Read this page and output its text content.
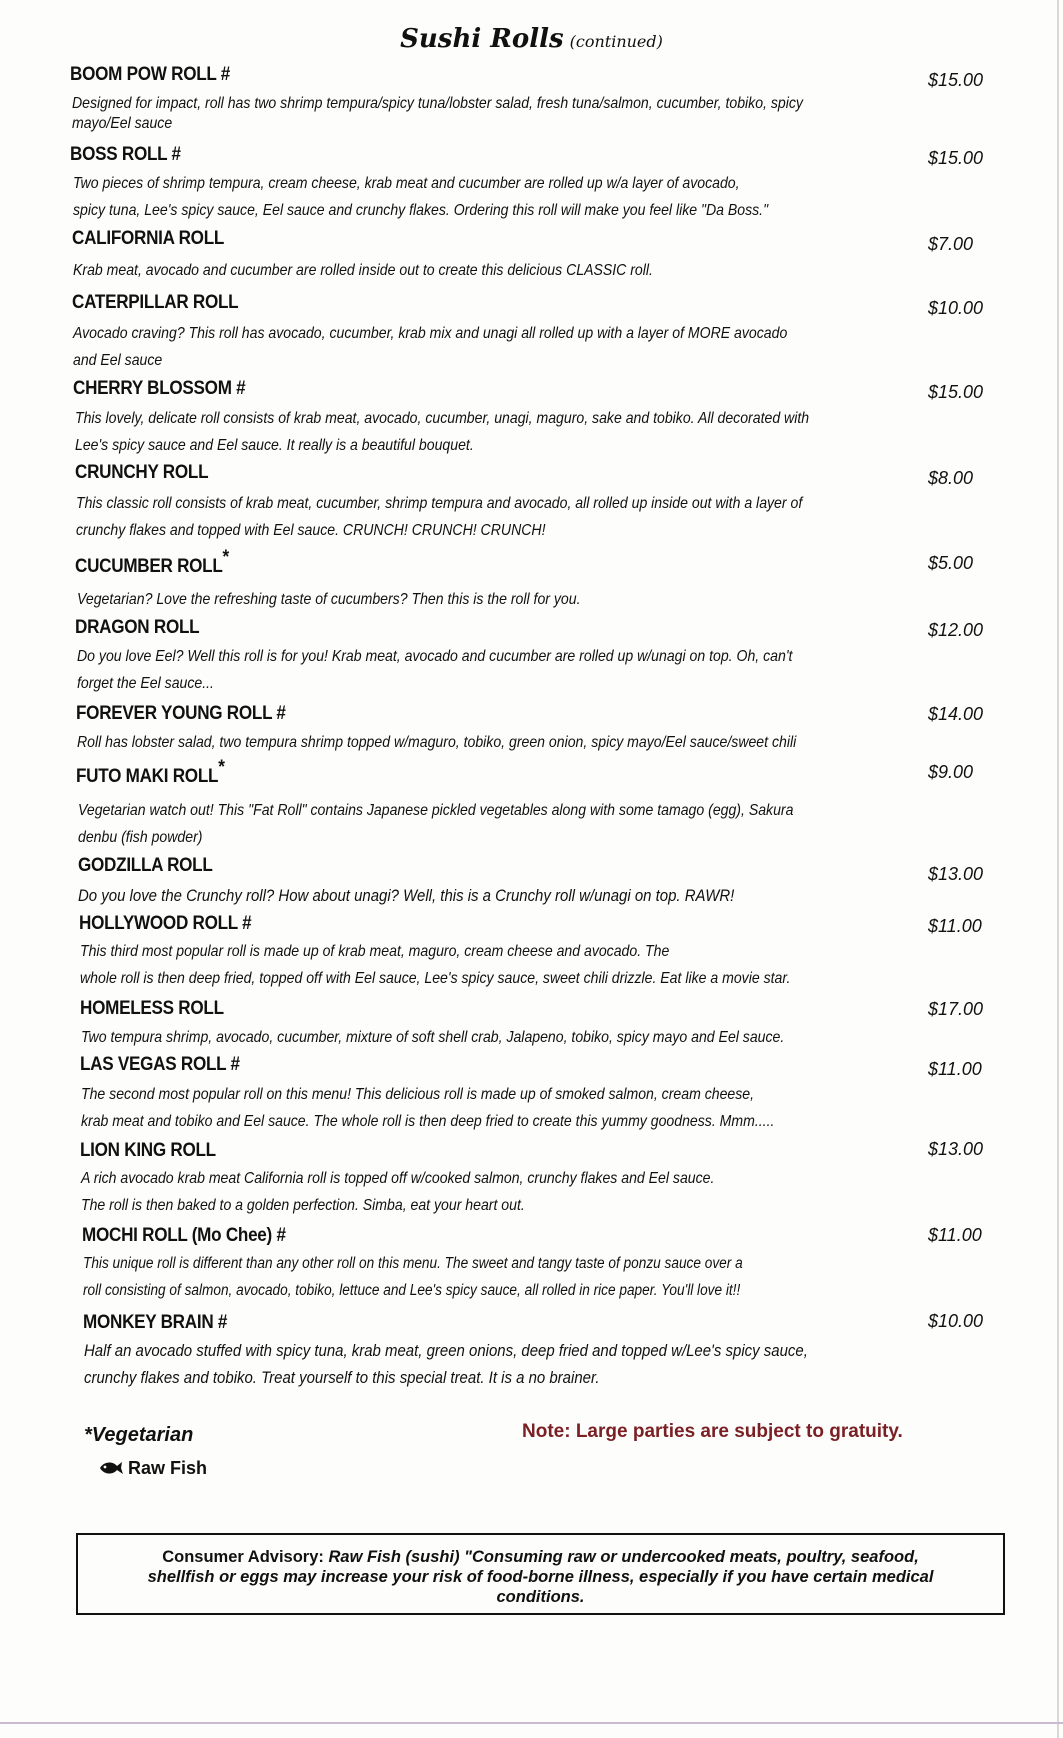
Sushi Rolls (continued)
BOOM POW ROLL #	$15.00
Designed for impact, roll has two shrimp tempura/spicy tuna/lobster salad, fresh tuna/salmon, cucumber, tobiko, spicy
mayo/Eel sauce
BOSS ROLL #	$15.00
Two pieces of shrimp tempura, cream cheese, krab meat and cucumber are rolled up w/a layer of avocado,
spicy tuna, Lee's spicy sauce, Eel sauce and crunchy flakes. Ordering this roll will make you feel like "Da Boss."
CALIFORNIA ROLL	$7.00
Krab meat, avocado and cucumber are rolled inside out to create this delicious CLASSIC roll.
CATERPILLAR ROLL	$10.00
Avocado craving? This roll has avocado, cucumber, krab mix and unagi all rolled up with a layer of MORE avocado
and Eel sauce
CHERRY BLOSSOM #	$15.00
This lovely, delicate roll consists of krab meat, avocado, cucumber, unagi, maguro, sake and tobiko. All decorated with
Lee's spicy sauce and Eel sauce. It really is a beautiful bouquet.
CRUNCHY ROLL	$8.00
This classic roll consists of krab meat, cucumber, shrimp tempura and avocado, all rolled up inside out with a layer of
crunchy flakes and topped with Eel sauce. CRUNCH! CRUNCH! CRUNCH!
CUCUMBER ROLL*	$5.00
Vegetarian? Love the refreshing taste of cucumbers? Then this is the roll for you.
DRAGON ROLL	$12.00
Do you love Eel? Well this roll is for you! Krab meat, avocado and cucumber are rolled up w/unagi on top. Oh, can't
forget the Eel sauce...
FOREVER YOUNG ROLL #	$14.00
Roll has lobster salad, two tempura shrimp topped w/maguro, tobiko, green onion, spicy mayo/Eel sauce/sweet chili
FUTO MAKI ROLL*	$9.00
Vegetarian watch out! This "Fat Roll" contains Japanese pickled vegetables along with some tamago (egg), Sakura
denbu (fish powder)
GODZILLA ROLL	$13.00
Do you love the Crunchy roll? How about unagi? Well, this is a Crunchy roll w/unagi on top. RAWR!
HOLLYWOOD ROLL #	$11.00
This third most popular roll is made up of krab meat, maguro, cream cheese and avocado. The
whole roll is then deep fried, topped off with Eel sauce, Lee's spicy sauce, sweet chili drizzle. Eat like a movie star.
HOMELESS ROLL	$17.00
Two tempura shrimp, avocado, cucumber, mixture of soft shell crab, Jalapeno, tobiko, spicy mayo and Eel sauce.
LAS VEGAS ROLL #	$11.00
The second most popular roll on this menu! This delicious roll is made up of smoked salmon, cream cheese,
krab meat and tobiko and Eel sauce. The whole roll is then deep fried to create this yummy goodness. Mmm.....
LION KING ROLL	$13.00
A rich avocado krab meat California roll is topped off w/cooked salmon, crunchy flakes and Eel sauce.
The roll is then baked to a golden perfection. Simba, eat your heart out.
MOCHI ROLL (Mo Chee) #	$11.00
This unique roll is different than any other roll on this menu. The sweet and tangy taste of ponzu sauce over a
roll consisting of salmon, avocado, tobiko, lettuce and Lee's spicy sauce, all rolled in rice paper. You'll love it!!
MONKEY BRAIN #	$10.00
Half an avocado stuffed with spicy tuna, krab meat, green onions, deep fried and topped w/Lee's spicy sauce,
crunchy flakes and tobiko. Treat yourself to this special treat. It is a no brainer.
*Vegetarian
Raw Fish
Note: Large parties are subject to gratuity.
Consumer Advisory: Raw Fish (sushi) "Consuming raw or undercooked meats, poultry, seafood,
shellfish or eggs may increase your risk of food-borne illness, especially if you have certain medical
conditions.
